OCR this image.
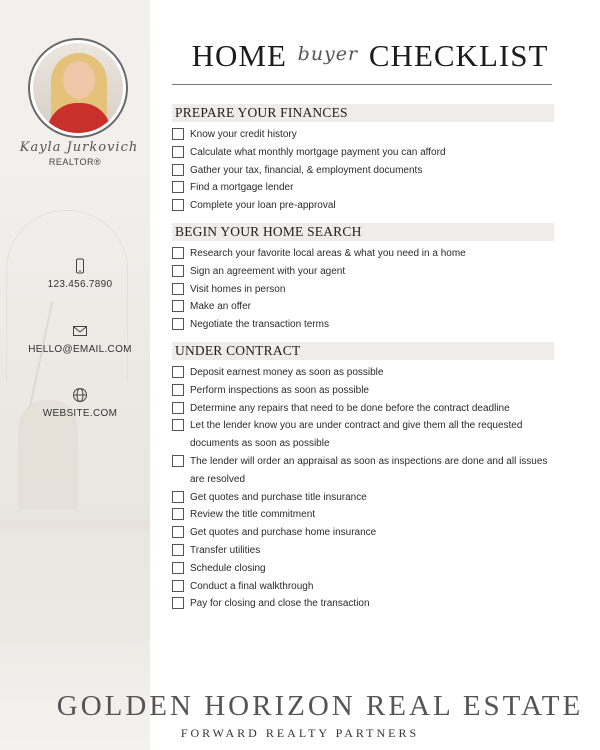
Kayla Jurkovich
REALTOR®
123.456.7890
HELLO@EMAIL.COM
WEBSITE.COM
HOME buyer CHECKLIST
PREPARE YOUR FINANCES
Know your credit history
Calculate what monthly mortgage payment you can afford
Gather your tax, financial, & employment documents
Find a mortgage lender
Complete your loan pre-approval
BEGIN YOUR HOME SEARCH
Research your favorite local areas & what you need in a home
Sign an agreement with your agent
Visit homes in person
Make an offer
Negotiate the transaction terms
UNDER CONTRACT
Deposit earnest money as soon as possible
Perform inspections as soon as possible
Determine any repairs that need to be done before the contract deadline
Let the lender know you are under contract and give them all the requested documents as soon as possible
The lender will order an appraisal as soon as inspections are done and all issues are resolved
Get quotes and purchase title insurance
Review the title commitment
Get quotes and purchase home insurance
Transfer utilities
Schedule closing
Conduct a final walkthrough
Pay for closing and close the transaction
GOLDEN HORIZON REAL ESTATE
FORWARD REALTY PARTNERS
